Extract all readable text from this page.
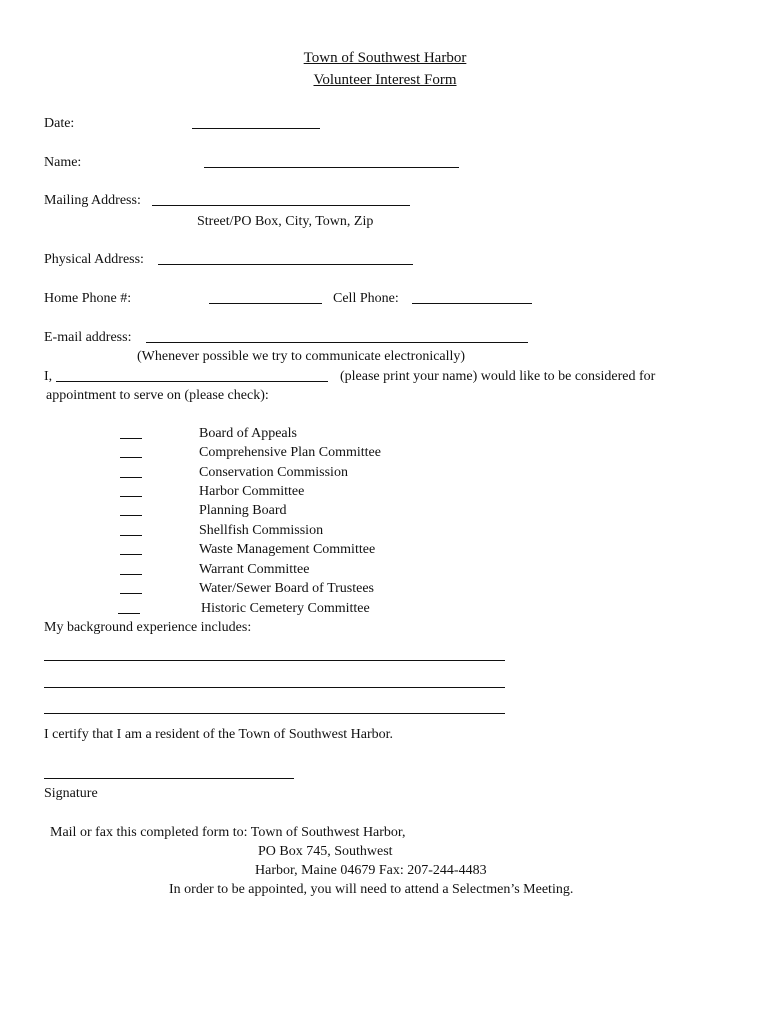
Town of Southwest Harbor
Volunteer Interest Form
Date:
Name:
Mailing Address:
Street/PO Box, City, Town, Zip
Physical Address:
Home Phone #:	Cell Phone:
E-mail address:
(Whenever possible we try to communicate electronically)
I,	(please print your name) would like to be considered for
appointment to serve on (please check):
Board of Appeals
Comprehensive Plan Committee
Conservation Commission
Harbor Committee
Planning Board
Shellfish Commission
Waste Management Committee
Warrant Committee
Water/Sewer Board of Trustees
Historic Cemetery Committee
My background experience includes:
I certify that I am a resident of the Town of Southwest Harbor.
Signature
Mail or fax this completed form to: Town of Southwest Harbor,
PO Box 745, Southwest
Harbor, Maine 04679 Fax: 207-244-4483
In order to be appointed, you will need to attend a Selectmen’s Meeting.
